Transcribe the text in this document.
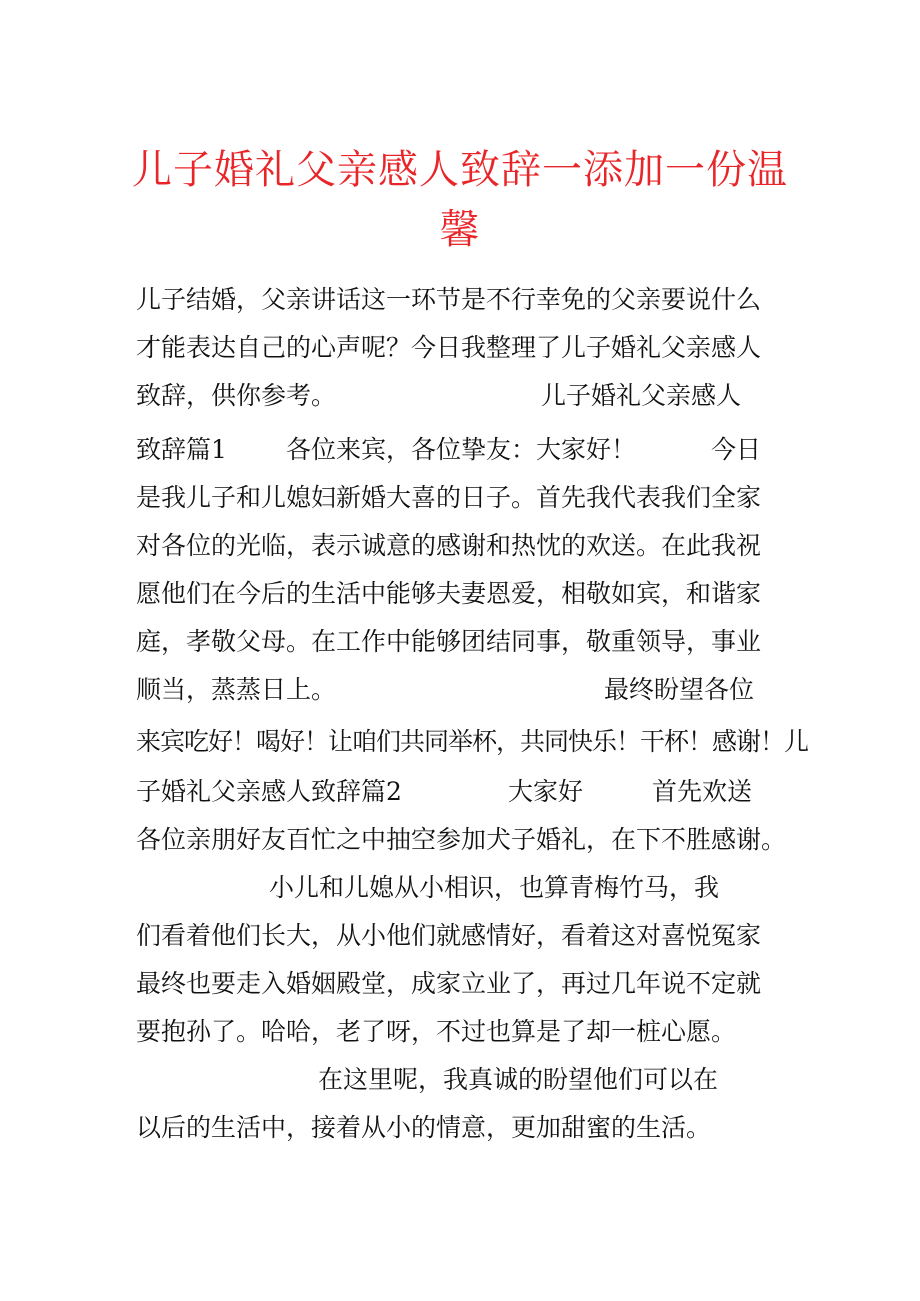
儿子婚礼父亲感人致辞一添加一份温
馨
儿子结婚，父亲讲话这一环节是不行幸免的父亲要说什么
才能表达自己的心声呢？今日我整理了儿子婚礼父亲感人
致辞，供你参考。	儿子婚礼父亲感人
致辞篇1 各位来宾，各位挚友：大家好！	今日
是我儿子和儿媳妇新婚大喜的日子。首先我代表我们全家
对各位的光临，表示诚意的感谢和热忱的欢送。在此我祝
愿他们在今后的生活中能够夫妻恩爱，相敬如宾，和谐家
庭，孝敬父母。在工作中能够团结同事，敬重领导，事业
顺当，蒸蒸日上。	最终盼望各位
来宾吃好！喝好！让咱们共同举杯，共同快乐！干杯！感谢！儿
子婚礼父亲感人致辞篇2	大家好	首先欢送
各位亲朋好友百忙之中抽空参加犬子婚礼，在下不胜感谢。
小儿和儿媳从小相识，也算青梅竹马，我
们看着他们长大，从小他们就感情好，看着这对喜悦冤家
最终也要走入婚姻殿堂，成家立业了，再过几年说不定就
要抱孙了。哈哈，老了呀，不过也算是了却一桩心愿。
在这里呢，我真诚的盼望他们可以在
以后的生活中，接着从小的情意，更加甜蜜的生活。
